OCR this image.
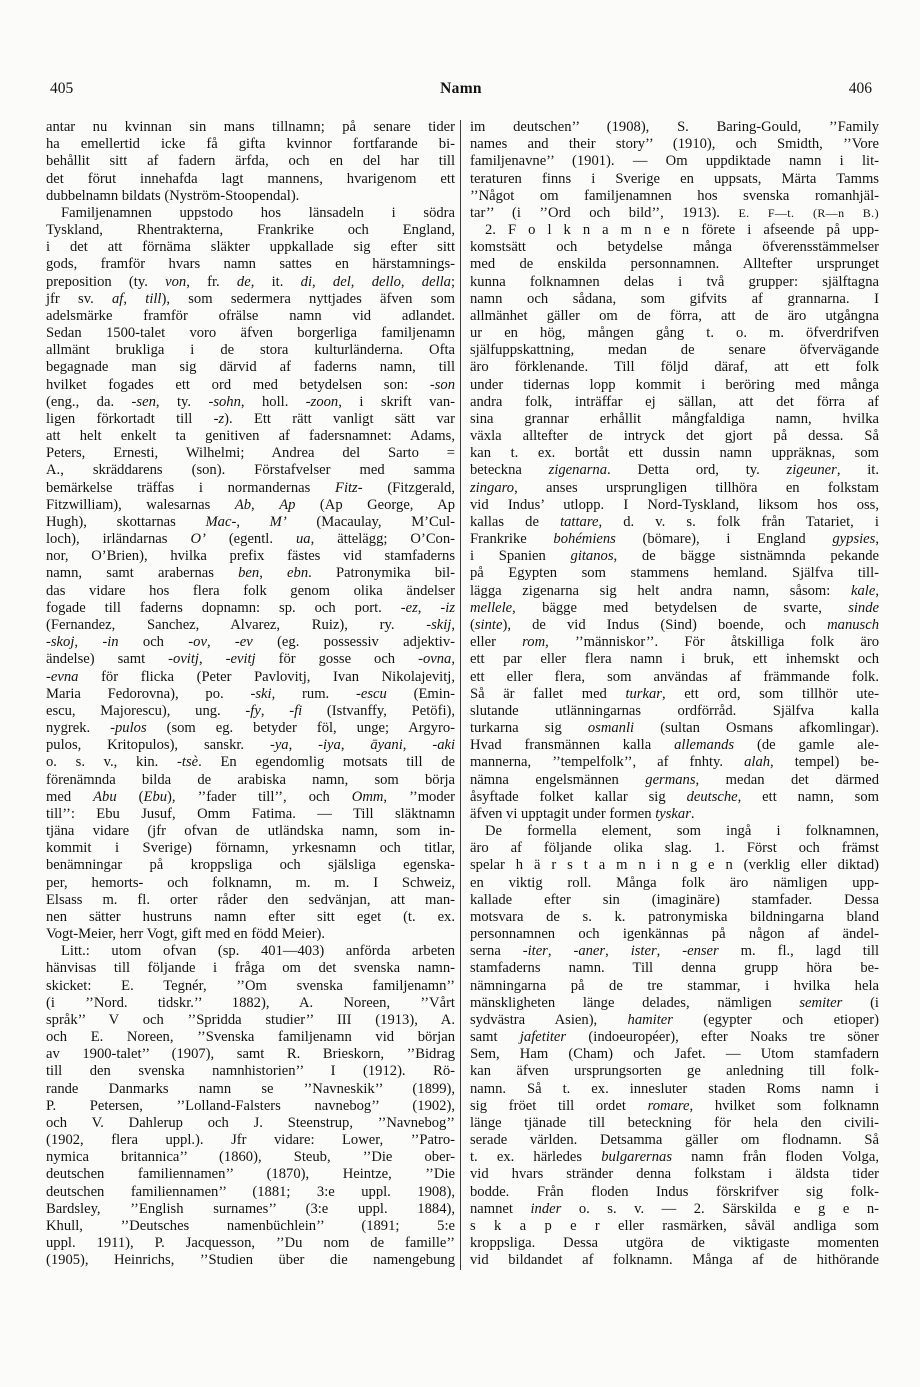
405	Namn	406
antar nu kvinnan sin mans tillnamn; på senare tider
ha emellertid icke få gifta kvinnor fortfarande bi-
behållit sitt af fadern ärfda, och en del har till
det förut innehafda lagt mannens, hvarigenom ett
dubbelnamn bildats (Nyström-Stoopendal).
Familjenamnen uppstodo hos länsadeln i södra
Tyskland, Rhentrakterna, Frankrike och England,
i det att förnäma släkter uppkallade sig efter sitt
gods, framför hvars namn sattes en härstamnings-
preposition (ty. von, fr. de, it. di, del, dello, della;
jfr sv. af, till), som sedermera nyttjades äfven som
adelsmärke framför ofrälse namn vid adlandet.
Sedan 1500-talet voro äfven borgerliga familjenamn
allmänt brukliga i de stora kulturländerna. Ofta
begagnade man sig därvid af faderns namn, till
hvilket fogades ett ord med betydelsen son: -son
(eng., da. -sen, ty. -sohn, holl. -zoon, i skrift van-
ligen förkortadt till -z). Ett rätt vanligt sätt var
att helt enkelt ta genitiven af fadersnamnet: Adams,
Peters, Ernesti, Wilhelmi; Andrea del Sarto =
A., skräddarens (son). Förstafvelser med samma
bemärkelse träffas i normandernas Fitz- (Fitzgerald,
Fitzwilliam), walesarnas Ab, Ap (Ap George, Ap
Hugh), skottarnas Mac-, M’ (Macaulay, M’Cul-
loch), irländarnas O’ (egentl. ua, ättelägg; O’Con-
nor, O’Brien), hvilka prefix fästes vid stamfaderns
namn, samt arabernas ben, ebn. Patronymika bil-
das vidare hos flera folk genom olika ändelser
fogade till faderns dopnamn: sp. och port. -ez, -iz
(Fernandez, Sanchez, Alvarez, Ruiz), ry. -skij,
-skoj, -in och -ov, -ev (eg. possessiv adjektiv-
ändelse) samt -ovitj, -evitj för gosse och -ovna,
-evna för flicka (Peter Pavlovitj, Ivan Nikolajevitj,
Maria Fedorovna), po. -ski, rum. -escu (Emin-
escu, Majorescu), ung. -fy, -fi (Istvanffy, Petöfi),
nygrek. -pulos (som eg. betyder föl, unge; Argyro-
pulos, Kritopulos), sanskr. -ya, -iya, āyani, -aki
o. s. v., kin. -tsè. En egendomlig motsats till de
förenämnda bilda de arabiska namn, som börja
med Abu (Ebu), ’’fader till’’, och Omm, ’’moder
till’’: Ebu Jusuf, Omm Fatima. — Till släktnamn
tjäna vidare (jfr ofvan de utländska namn, som in-
kommit i Sverige) förnamn, yrkesnamn och titlar,
benämningar på kroppsliga och själsliga egenska-
per, hemorts- och folknamn, m. m. I Schweiz,
Elsass m. fl. orter råder den sedvänjan, att man-
nen sätter hustruns namn efter sitt eget (t. ex.
Vogt-Meier, herr Vogt, gift med en född Meier).
Litt.: utom ofvan (sp. 401—403) anförda arbeten
hänvisas till följande i fråga om det svenska namn-
skicket: E. Tegnér, ’’Om svenska familjenamn’’
(i ’’Nord. tidskr.’’ 1882), A. Noreen, ’’Vårt
språk’’ V och ’’Spridda studier’’ III (1913), A.
och E. Noreen, ’’Svenska familjenamn vid början
av 1900-talet’’ (1907), samt R. Brieskorn, ’’Bidrag
till den svenska namnhistorien’’ I (1912). Rö-
rande Danmarks namn se ’’Navneskik’’ (1899),
P. Petersen, ’’Lolland-Falsters navnebog’’ (1902),
och V. Dahlerup och J. Steenstrup, ’’Navnebog’’
(1902, flera uppl.). Jfr vidare: Lower, ’’Patro-
nymica britannica’’ (1860), Steub, ’’Die ober-
deutschen familiennamen’’ (1870), Heintze, ’’Die
deutschen familiennamen’’ (1881; 3:e uppl. 1908),
Bardsley, ’’English surnames’’ (3:e uppl. 1884),
Khull, ’’Deutsches namenbüchlein’’ (1891; 5:e
uppl. 1911), P. Jacquesson, ’’Du nom de famille’’
(1905), Heinrichs, ’’Studien über die namengebung
im deutschen’’ (1908), S. Baring-Gould, ’’Family
names and their story’’ (1910), och Smidth, ’’Vore
familjenavne’’ (1901). — Om uppdiktade namn i lit-
teraturen finns i Sverige en uppsats, Märta Tamms
’’Något om familjenamnen hos svenska romanhjäl-
tar’’ (i ’’Ord och bild’’, 1913). E. F—t. (R—n B.)
2. F o l k n a m n e n förete i afseende på upp-
komstsätt och betydelse många öfverensstämmelser
med de enskilda personnamnen. Alltefter ursprunget
kunna folknamnen delas i två grupper: själftagna
namn och sådana, som gifvits af grannarna. I
allmänhet gäller om de förra, att de äro utgångna
ur en hög, mången gång t. o. m. öfverdrifven
själfuppskattning, medan de senare öfvervägande
äro förklenande. Till följd däraf, att ett folk
under tidernas lopp kommit i beröring med många
andra folk, inträffar ej sällan, att det förra af
sina grannar erhållit mångfaldiga namn, hvilka
växla alltefter de intryck det gjort på dessa. Så
kan t. ex. bortåt ett dussin namn uppräknas, som
beteckna zigenarna. Detta ord, ty. zigeuner, it.
zingaro, anses ursprungligen tillhöra en folkstam
vid Indus’ utlopp. I Nord-Tyskland, liksom hos oss,
kallas de tattare, d. v. s. folk från Tatariet, i
Frankrike bohémiens (bömare), i England gypsies,
i Spanien gitanos, de bägge sistnämnda pekande
på Egypten som stammens hemland. Själfva till-
lägga zigenarna sig helt andra namn, såsom: kale,
mellele, bägge med betydelsen de svarte, sinde
(sinte), de vid Indus (Sind) boende, och manusch
eller rom, ’’människor’’. För åtskilliga folk äro
ett par eller flera namn i bruk, ett inhemskt och
ett eller flera, som användas af främmande folk.
Så är fallet med turkar, ett ord, som tillhör ute-
slutande utlänningarnas ordförråd. Själfva kalla
turkarna sig osmanli (sultan Osmans afkomlingar).
Hvad fransmännen kalla allemands (de gamle ale-
mannerna, ’’tempelfolk’’, af fnhty. alah, tempel) be-
nämna engelsmännen germans, medan det därmed
åsyftade folket kallar sig deutsche, ett namn, som
äfven vi upptagit under formen tyskar.
De formella element, som ingå i folknamnen,
äro af följande olika slag. 1. Först och främst
spelar h ä r s t a m n i n g e n (verklig eller diktad)
en viktig roll. Många folk äro nämligen upp-
kallade efter sin (imaginäre) stamfader. Dessa
motsvara de s. k. patronymiska bildningarna bland
personnamnen och igenkännas på någon af ändel-
serna -iter, -aner, ister, -enser m. fl., lagd till
stamfaderns namn. Till denna grupp höra be-
nämningarna på de tre stammar, i hvilka hela
mänskligheten länge delades, nämligen semiter (i
sydvästra Asien), hamiter (egypter och etioper)
samt jafetiter (indoeuropéer), efter Noaks tre söner
Sem, Ham (Cham) och Jafet. — Utom stamfadern
kan äfven ursprungsorten ge anledning till folk-
namn. Så t. ex. innesluter staden Roms namn i
sig fröet till ordet romare, hvilket som folknamn
länge tjänade till beteckning för hela den civili-
serade världen. Detsamma gäller om flodnamn. Så
t. ex. härledes bulgarernas namn från floden Volga,
vid hvars stränder denna folkstam i äldsta tider
bodde. Från floden Indus förskrifver sig folk-
namnet inder o. s. v. — 2. Särskilda e g e n-
s k a p e r eller rasmärken, såväl andliga som
kroppsliga. Dessa utgöra de viktigaste momenten
vid bildandet af folknamn. Många af de hithörande
